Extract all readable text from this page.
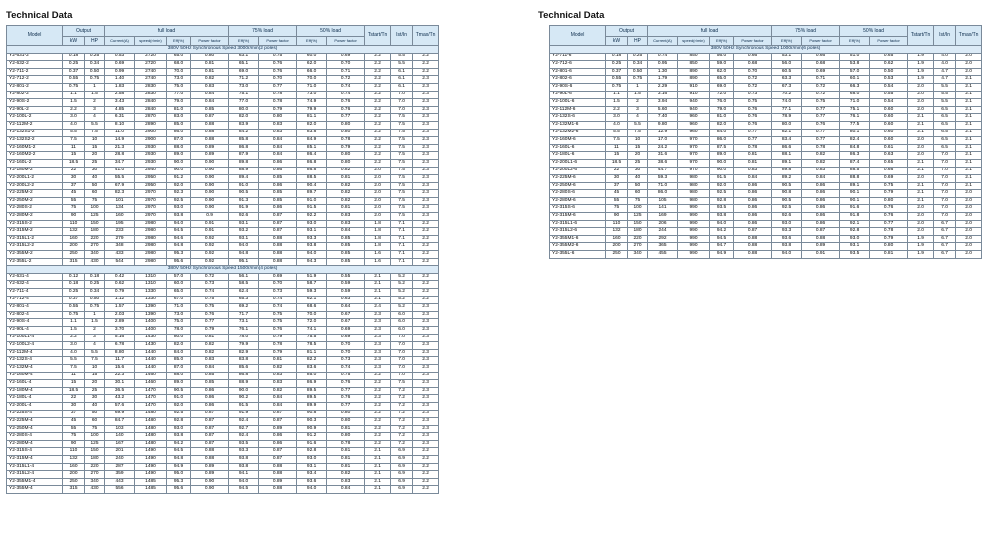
Technical Data	Technical Data
Model	Output		full load				75% load		50% load		Tstart/Tn	Ist/In	Tmax/Tn
	kW	HP	Current(A)	speed(r/min)	Eff(%)	Power factor	Eff(%)	Power factor	Eff(%)	Power factor			
380V 50Hz Synchronous Speed 3000r/min(2 poles)													
Y2-631-2	0.18	0.25	0.53	2720	65.0	0.80	63.1	0.75	60.0	0.69	2.2	5.5	2.2
Y2-632-2	0.25	0.34	0.69	2720	68.0	0.81	65.1	0.76	62.0	0.70	2.2	5.5	2.2
Y2-711-2	0.37	0.50	0.99	2740	70.0	0.81	69.0	0.76	66.0	0.71	2.2	6.1	2.2
Y2-712-2	0.55	0.75	1.40	2740	73.0	0.82	71.2	0.70	70.0	0.72	2.2	6.1	2.3
Y2-801-2	0.75	1	1.83	2830	75.0	0.83	73.0	0.77	71.0	0.74	2.2	6.1	2.3
Y2-802-2	1.1	1.5	2.58	2830	77.0	0.84	75.1	0.78	73.0	0.74	2.2	7.0	2.3
Y2-90S-2	1.5	2	3.43	2840	79.0	0.84	77.0	0.78	74.9	0.76	2.2	7.0	2.3
Y2-90L-2	2.2	3	4.85	2840	81.0	0.85	80.0	0.79	79.9	0.76	2.2	7.0	2.3
Y2-100L-2	3.0	4	6.31	2870	83.0	0.87	82.0	0.80	81.1	0.77	2.2	7.5	2.3
Y2-112M-2	4.0	5.5	8.10	2890	85.0	0.88	83.9	0.83	82.0	0.80	2.2	7.5	2.3
Y2-132S1-2	5.5	7.5	11.0	2900	86.0	0.88	84.2	0.83	83.8	0.80	2.2	7.5	2.3
Y2-132S2-2	7.5	10	14.9	2900	87.0	0.88	85.8	0.84	84.9	0.78	2.2	7.5	2.3
Y2-160M1-2	11	15	21.3	2930	88.0	0.89	86.8	0.84	85.1	0.79	2.2	7.5	2.3
Y2-160M2-2	15	20	28.8	2930	89.0	0.89	87.9	0.84	86.4	0.80	2.2	7.5	2.3
Y2-160L-2	18.5	25	34.7	2930	90.0	0.90	89.8	0.86	86.8	0.80	2.2	7.5	2.3
Y2-180M-2	22	30	41.0	2940	90.0	0.90	88.9	0.86	86.8	0.82	2.0	7.5	2.3
Y2-200L1-2	30	40	55.5	2950	91.2	0.90	89.4	0.85	88.5	0.81	2.0	7.5	2.3
Y2-200L2-2	37	50	67.9	2950	92.0	0.90	91.0	0.86	90.4	0.82	2.0	7.5	2.3
Y2-225M-2	45	60	82.3	2970	92.3	0.90	90.5	0.85	89.7	0.82	2.0	7.5	2.3
Y2-250M-2	55	75	101	2970	92.5	0.90	91.3	0.85	91.0	0.82	2.0	7.5	2.3
Y2-280S-2	75	100	134	2970	93.0	0.90	91.9	0.86	91.5	0.81	2.0	7.5	2.3
Y2-280M-2	90	125	160	2970	93.8	0.9	92.6	0.87	92.2	0.83	2.0	7.5	2.3
Y2-315S-2	110	150	195	2980	94.0	0.91	93.1	0.87	93.0	0.83	1.8	7.1	2.2
Y2-315M-2	132	180	233	2980	94.5	0.91	93.2	0.87	93.1	0.84	1.8	7.1	2.2
Y2-315L1-2	160	220	279	2980	94.6	0.92	93.1	0.88	93.3	0.85	1.8	7.1	2.2
Y2-315L2-2	200	270	348	2980	94.8	0.92	94.0	0.88	93.8	0.85	1.8	7.1	2.2
Y2-355M-2	250	340	433	2980	95.3	0.92	94.8	0.88	94.0	0.85	1.6	7.1	2.2
Y2-355L-2	315	430	544	2980	95.6	0.92	95.1	0.88	94.3	0.85	1.6	7.1	2.2
380V 50Hz Synchronous Speed 1500r/min(4 poles)													
Y2-631-4	0.12	0.18	0.42	1310	57.0	0.72	56.1	0.69	51.9	0.55	2.1	5.2	2.2
Y2-632-4	0.18	0.25	0.62	1310	60.0	0.73	58.5	0.70	58.7	0.59	2.1	5.2	2.2
Y2-711-4	0.25	0.34	0.79	1330	65.0	0.74	62.4	0.73	59.3	0.59	2.1	5.2	2.2
Y2-712-4	0.37	0.50	1.12	1330	67.0	0.75	65.3	0.74	62.1	0.63	2.1	5.2	2.2
Y2-801-4	0.55	0.75	1.57	1390	71.0	0.75	69.2	0.74	68.6	0.64	2.4	5.2	2.3
Y2-802-4	0.75	1	2.03	1390	73.0	0.76	71.7	0.75	70.0	0.67	2.3	6.0	2.3
Y2-90S-4	1.1	1.5	2.89	1400	75.0	0.77	73.1	0.75	72.0	0.67	2.3	6.0	2.3
Y2-90L-4	1.5	2	3.70	1400	78.0	0.79	76.1	0.76	74.1	0.69	2.3	6.0	2.3
Y2-100L1-4	2.2	3	5.16	1430	80.0	0.81	78.0	0.79	75.5	0.69	2.3	7.0	2.3
Y2-100L2-4	3.0	4	6.78	1430	82.0	0.82	79.9	0.78	78.5	0.70	2.3	7.0	2.3
Y2-112M-4	4.0	5.5	8.80	1440	84.0	0.82	82.9	0.79	81.1	0.70	2.3	7.0	2.3
Y2-132S-4	5.5	7.5	11.7	1440	85.0	0.83	83.8	0.81	82.2	0.73	2.3	7.0	2.3
Y2-132M-4	7.5	10	15.6	1440	87.0	0.84	85.6	0.82	83.6	0.74	2.3	7.0	2.3
Y2-160M-4	11	15	22.3	1460	88.0	0.85	86.8	0.83	85.0	0.75	2.2	7.0	2.3
Y2-160L-4	15	20	30.1	1460	89.0	0.85	88.9	0.83	86.9	0.76	2.2	7.5	2.3
Y2-180M-4	18.5	25	36.5	1470	90.5	0.86	90.0	0.82	89.5	0.77	2.2	7.2	2.3
Y2-180L-4	22	30	43.2	1470	91.0	0.86	90.2	0.84	89.5	0.76	2.2	7.2	2.3
Y2-200L-4	30	40	57.6	1470	92.0	0.86	91.5	0.84	89.9	0.77	2.2	7.2	2.3
Y2-225S-4	37	50	69.9	1480	92.5	0.87	91.9	0.87	90.8	0.80	2.2	7.2	2.3
Y2-225M-4	45	60	84.7	1480	92.8	0.87	92.4	0.87	90.3	0.80	2.2	7.2	2.3
Y2-250M-4	55	75	103	1480	93.0	0.87	92.7	0.89	90.9	0.81	2.2	7.2	2.3
Y2-280S-4	75	100	140	1480	93.8	0.87	92.4	0.86	91.2	0.80	2.2	7.2	2.3
Y2-280M-4	90	125	167	1480	94.2	0.87	93.5	0.86	91.6	0.78	2.2	7.2	2.3
Y2-315S-4	110	150	201	1490	94.5	0.88	93.3	0.87	92.8	0.81	2.1	6.9	2.2
Y2-315M-4	132	180	240	1490	94.8	0.88	93.8	0.87	93.0	0.81	2.1	6.9	2.2
Y2-315L1-4	160	220	287	1490	94.9	0.89	93.8	0.88	93.1	0.81	2.1	6.9	2.2
Y2-315L2-4	200	270	359	1490	95.0	0.89	94.1	0.88	93.4	0.82	2.1	6.9	2.2
Y2-355M1-4	250	340	443	1485	95.3	0.90	94.0	0.89	93.6	0.83	2.1	6.9	2.2
Y2-355M-4	315	430	556	1485	95.6	0.90	94.5	0.88	94.0	0.84	2.1	6.9	2.2
Model	Output		full load				75% load		50% load		Tstart/Tn	Ist/In	Tmax/Tn
	kW	HP	Current(A)	speed(r/min)	Eff(%)	Power factor	Eff(%)	Power factor	Eff(%)	Power factor			
380V 50Hz Synchronous Speed 1000r/min(6 poles)													
Y2-711-6	0.18	0.25	0.74	850	56.0	0.66	53.1	0.66	51.0	0.65	1.9	4.0	2.0
Y2-712-6	0.25	0.34	0.95	850	59.0	0.68	56.0	0.68	53.8	0.62	1.9	4.0	2.0
Y2-801-6	0.37	0.50	1.30	890	62.0	0.70	60.5	0.69	57.0	0.50	1.9	4.7	2.0
Y2-802-6	0.55	0.75	1.79	890	65.0	0.72	63.3	0.71	60.1	0.53	1.9	4.7	2.1
Y2-90S-6	0.75	1	2.29	910	69.0	0.72	67.3	0.72	66.3	0.54	2.0	5.5	2.1
Y2-90L-6	1.1	1.5	3.16	910	72.0	0.73	70.2	0.72	68.0	0.55	2.0	5.5	2.1
Y2-100L-6	1.5	2	3.94	940	76.0	0.75	74.0	0.75	71.0	0.54	2.0	5.5	2.1
Y2-112M-6	2.2	3	5.60	940	79.0	0.76	77.1	0.77	75.1	0.60	2.0	6.5	2.1
Y2-132S-6	3.0	4	7.40	960	81.0	0.76	78.9	0.77	76.1	0.60	2.1	6.5	2.1
Y2-132M1-6	4.0	5.5	9.80	960	82.0	0.76	80.0	0.76	77.5	0.60	2.1	6.5	2.1
Y2-132M2-6	5.5	7.5	12.9	960	84.0	0.77	82.1	0.77	80.1	0.60	2.1	6.5	2.1
Y2-160M-6	7.5	10	17.0	970	86.0	0.77	83.4	0.77	82.4	0.60	2.0	6.5	2.1
Y2-160L-6	11	15	24.2	970	87.5	0.78	86.6	0.78	84.8	0.61	2.0	6.5	2.1
Y2-180L-6	15	20	31.6	970	89.0	0.81	88.1	0.82	86.3	0.63	2.0	7.0	2.1
Y2-200L1-6	18.5	25	38.6	970	90.0	0.81	89.1	0.82	87.4	0.65	2.1	7.0	2.1
Y2-200L2-6	22	30	44.7	970	90.0	0.83	89.8	0.83	88.5	0.66	2.1	7.0	2.1
Y2-225M-6	30	40	59.3	980	91.5	0.84	89.2	0.84	88.8	0.69	2.0	7.0	2.1
Y2-250M-6	37	50	71.0	980	92.0	0.86	90.5	0.86	89.1	0.75	2.1	7.0	2.1
Y2-280S-6	45	60	86.0	980	92.5	0.86	90.8	0.86	90.1	0.79	2.1	7.0	2.0
Y2-280M-6	55	75	105	980	92.8	0.86	90.5	0.86	90.1	0.80	2.1	7.0	2.0
Y2-315S-6	75	100	141	990	93.5	0.86	92.5	0.86	91.6	0.76	2.0	7.0	2.0
Y2-315M-6	90	125	169	990	93.8	0.86	92.6	0.86	91.8	0.76	2.0	7.0	2.0
Y2-315L1-6	110	150	206	990	94.0	0.86	93.0	0.86	92.1	0.77	2.0	6.7	2.0
Y2-315L2-6	132	180	244	990	94.2	0.87	93.3	0.87	92.8	0.78	2.0	6.7	2.0
Y2-355M1-6	160	220	292	990	94.5	0.88	93.6	0.88	93.0	0.79	1.9	6.7	2.0
Y2-355M2-6	200	270	365	990	94.7	0.88	93.8	0.89	93.1	0.80	1.9	6.7	2.0
Y2-355L-6	250	340	455	990	94.9	0.88	94.0	0.91	93.5	0.81	1.9	6.7	2.0
